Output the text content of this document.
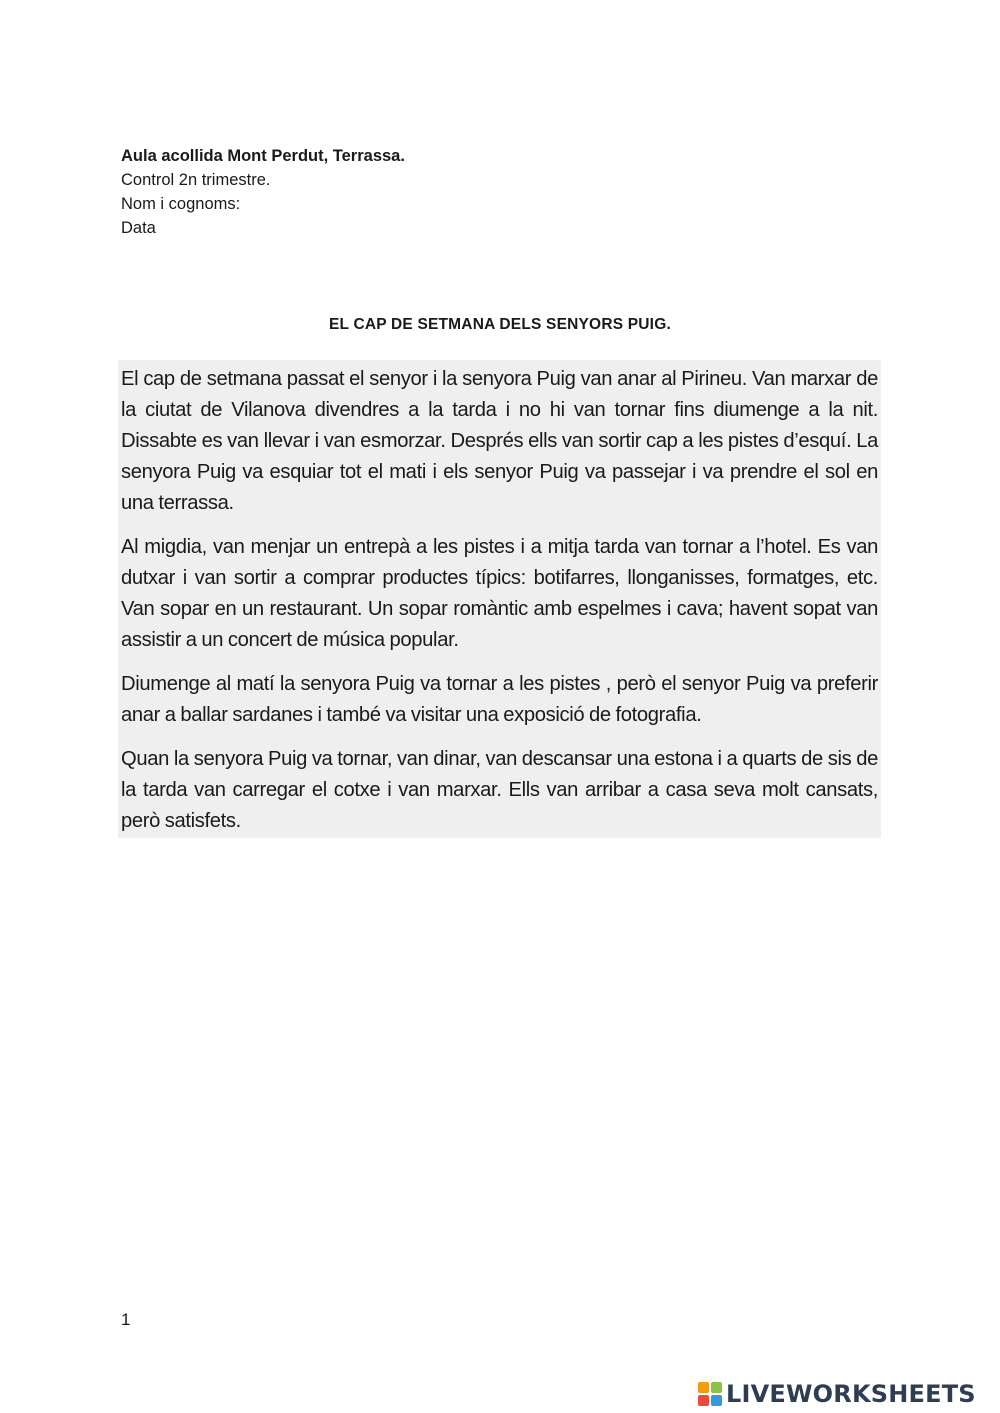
Aula acollida Mont Perdut, Terrassa.
Control 2n trimestre.
Nom i cognoms:
Data
EL CAP DE SETMANA DELS SENYORS PUIG.

El cap de setmana passat el senyor i la senyora Puig van anar al Pirineu. Van marxar de la ciutat de Vilanova divendres a la tarda i no hi van tornar fins diumenge a la nit. Dissabte es van llevar i van esmorzar. Després ells van sortir cap a les pistes d’esquí. La senyora Puig va esquiar tot el mati i els senyor Puig va passejar i va prendre el sol en una terrassa.

Al migdia, van menjar un entrepà a les pistes i a mitja tarda van tornar a l’hotel. Es van dutxar i van sortir a comprar productes típics: botifarres, llonganisses, formatges, etc. Van sopar en un restaurant. Un sopar romàntic amb espelmes i cava; havent sopat van assistir a un concert de música popular.

Diumenge al matí la senyora Puig va tornar a les pistes , però el senyor Puig va preferir anar a ballar sardanes i també va visitar una exposició de fotografia.

Quan la senyora Puig va tornar, van dinar, van descansar una estona i a quarts de sis de la tarda van carregar el cotxe i van marxar. Ells van arribar a casa seva molt cansats, però satisfets.

1
LIVEWORKSHEETS
